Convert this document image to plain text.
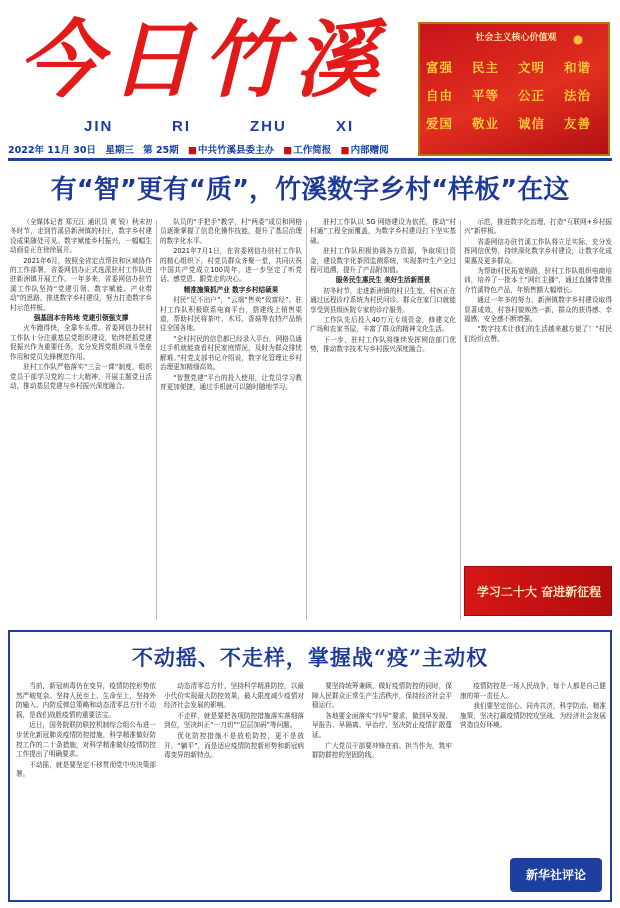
今日竹溪
JIN	RI	ZHU	XI
2022年 11月 30日 星期三 第 25期 ■中共竹溪县委主办 ■工作简报 ■内部赠阅
社会主义核心价值观
富强 民主 文明 和谐
自由 平等 公正 法治
爱国 敬业 诚信 友善
有“智”更有“质”，竹溪数字乡村“样板”在这

（全媒体记者 郑元江 通讯员 黄 锐）秋末初冬时节，走到竹溪县新洲镇的村庄，数字乡村建设成果随处可见。数字赋能乡村振兴，一幅幅生动画卷正在徐徐展开。

2021年6月，按照全省定点帮扶和区域协作的工作部署，省委网信办正式选派驻村工作队进驻新洲镇开展工作。一年多来，省委网信办驻竹溪工作队坚持“党建引领、数字赋能、产业带动”的思路，推进数字乡村建设，努力打造数字乡村示范样板。

强基固本夯阵地 党建引领强支撑

火车跑得快，全靠车头带。省委网信办驻村工作队十分注重基层党组织建设，始终把抓党建促振兴作为重要任务，充分发挥党组织战斗堡垒作用和党员先锋模范作用。

驻村工作队严格落实“三会一课”制度，组织党员干部学习党的二十大精神，开展主题党日活动，推动基层党建与乡村振兴深度融合。

队员的“手把手”教学，村“两委”成员和网格员逐渐掌握了信息化操作技能，提升了基层治理的数字化水平。

2021年7月1日，在省委网信办驻村工作队的精心组织下，村党员群众齐聚一堂，共同庆祝中国共产党成立100周年，进一步坚定了听党话、感党恩、跟党走的决心。

精准施策抓产业 数字乡村结硕果

村民“足不出户”，“云端”售卖“致富经”。驻村工作队积极联系电商平台，搭建线上销售渠道，帮助村民将茶叶、木耳、香菇等农特产品销往全国各地。

“全村村民的信息都已经录入平台，网格员通过手机就能查看村民家庭情况，及时为群众排忧解难。”村党支部书记介绍说，数字化管理让乡村治理更加精细高效。

“智慧党建”平台的投入使用，让党员学习教育更加便捷，通过手机就可以随时随地学习。

驻村工作队以 5G 网络建设为依托，推动“村村通”工程全面覆盖，为数字乡村建设打下坚实基础。

驻村工作队积极协调各方资源，争取项目资金，建设数字化茶园监测系统，实现茶叶生产全过程可追溯，提升了产品附加值。

服务民生惠民生 美好生活新图景

初冬时节，走进新洲镇的村卫生室，村医正在通过远程诊疗系统为村民问诊。群众在家门口就能享受到县级医院专家的诊疗服务。

工作队先后投入40万元专项资金，修建文化广场和农家书屋，丰富了群众的精神文化生活。

下一步，驻村工作队将继续发挥网信部门优势，推动数字技术与乡村振兴深度融合。

示范，推进数字化治理，打造“互联网+乡村振兴”新样板。

省委网信办驻竹溪工作队将立足实际，充分发挥网信优势，持续深化数字乡村建设，让数字化成果惠及更多群众。

为帮助村民拓宽销路，驻村工作队组织电商培训，培养了一批本土“网红主播”，通过直播带货推介竹溪特色产品，年销售额大幅增长。

通过一年多的努力，新洲镇数字乡村建设取得显著成效，村容村貌焕然一新，群众的获得感、幸福感、安全感不断增强。

“数字技术让我们的生活越来越方便了！”村民们纷纷点赞。

学习二十大 奋进新征程
不动摇、不走样，掌握战“疫”主动权

当前，新冠病毒仍在变异，疫情防控形势依然严峻复杂。坚持人民至上、生命至上，坚持外防输入、内防反弹总策略和动态清零总方针不动摇，是我们战胜疫情的重要法宝。

近日，国务院联防联控机制综合组公布进一步优化新冠肺炎疫情防控措施，科学精准做好防控工作的二十条措施，对科学精准做好疫情防控工作提出了明确要求。

不动摇，就是要坚定不移贯彻党中央决策部署。

动态清零总方针，坚持科学精准防控，以最小代价实现最大防控效果，最大限度减少疫情对经济社会发展的影响。

不走样，就是要把各项防控措施落实落细落到位，坚决纠正“一刀切”“层层加码”等问题。

优化防控措施不是放松防控，更不是放开、“躺平”，而是适应疫情防控新形势和新冠病毒变异的新特点。

要坚持统筹兼顾，做好疫情防控的同时，保障人民群众正常生产生活秩序，保持经济社会平稳运行。

各地要全面落实“四早”要求，做到早发现、早报告、早隔离、早治疗，坚决防止疫情扩散蔓延。

广大党员干部要冲锋在前、担当作为，筑牢群防群控的坚固防线。

疫情防控是一场人民战争，每个人都是自己健康的第一责任人。

我们要坚定信心、同舟共济，科学防治、精准施策，坚决打赢疫情防控攻坚战，为经济社会发展营造良好环境。

新华社评论
